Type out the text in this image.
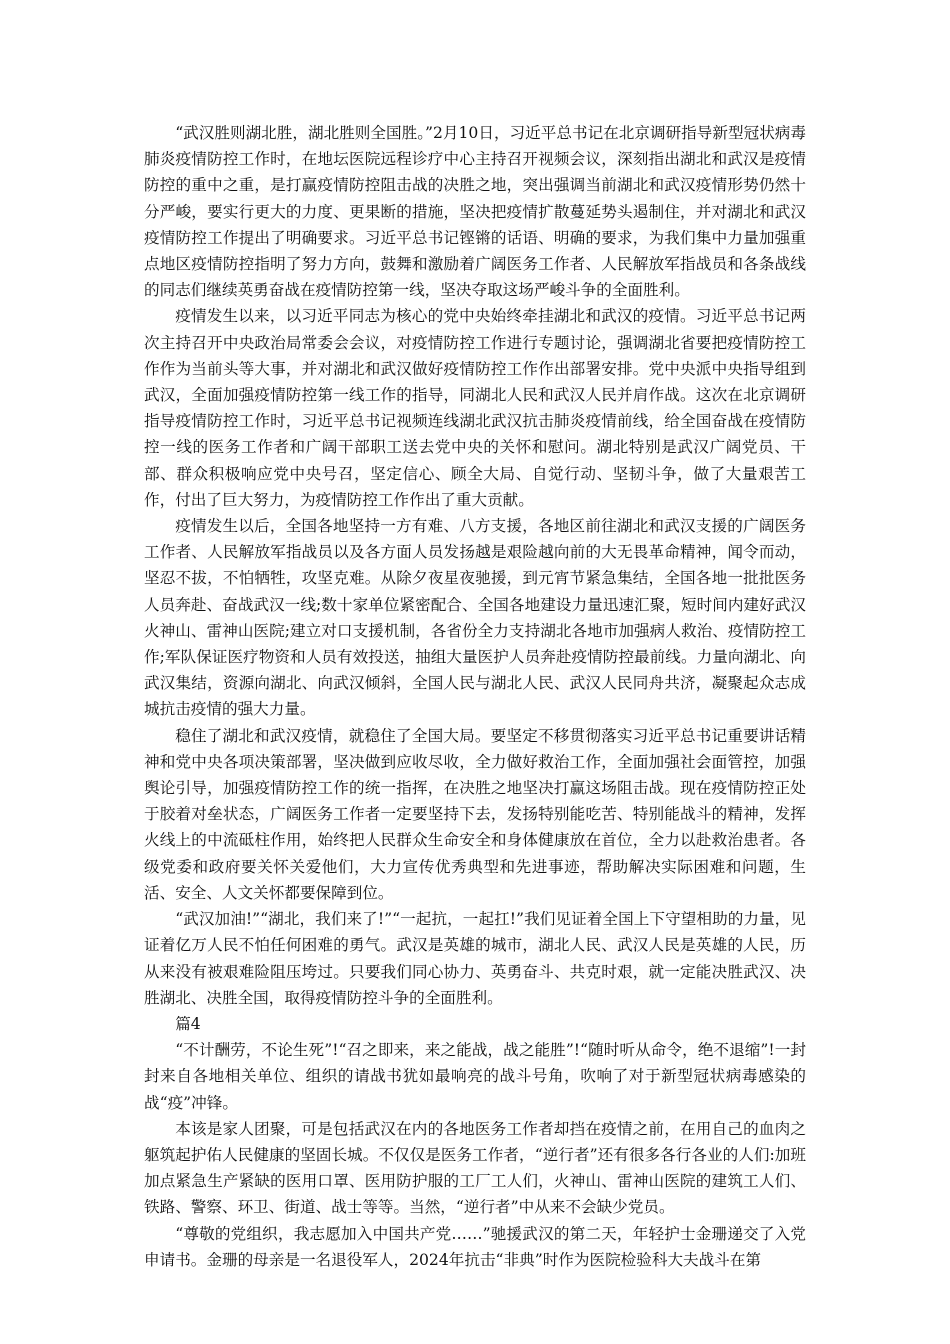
“武汉胜则湖北胜，湖北胜则全国胜。”2月10日，习近平总书记在北京调研指导新型冠状病毒肺炎疫情防控工作时，在地坛医院远程诊疗中心主持召开视频会议，深刻指出湖北和武汉是疫情防控的重中之重，是打赢疫情防控阻击战的决胜之地，突出强调当前湖北和武汉疫情形势仍然十分严峻，要实行更大的力度、更果断的措施，坚决把疫情扩散蔓延势头遏制住，并对湖北和武汉疫情防控工作提出了明确要求。习近平总书记铿锵的话语、明确的要求，为我们集中力量加强重点地区疫情防控指明了努力方向，鼓舞和激励着广阔医务工作者、人民解放军指战员和各条战线的同志们继续英勇奋战在疫情防控第一线，坚决夺取这场严峻斗争的全面胜利。

疫情发生以来，以习近平同志为核心的党中央始终牵挂湖北和武汉的疫情。习近平总书记两次主持召开中央政治局常委会会议，对疫情防控工作进行专题讨论，强调湖北省要把疫情防控工作作为当前头等大事，并对湖北和武汉做好疫情防控工作作出部署安排。党中央派中央指导组到武汉，全面加强疫情防控第一线工作的指导，同湖北人民和武汉人民并肩作战。这次在北京调研指导疫情防控工作时，习近平总书记视频连线湖北武汉抗击肺炎疫情前线，给全国奋战在疫情防控一线的医务工作者和广阔干部职工送去党中央的关怀和慰问。湖北特别是武汉广阔党员、干部、群众积极响应党中央号召，坚定信心、顾全大局、自觉行动、坚韧斗争，做了大量艰苦工作，付出了巨大努力，为疫情防控工作作出了重大贡献。

疫情发生以后，全国各地坚持一方有难、八方支援，各地区前往湖北和武汉支援的广阔医务工作者、人民解放军指战员以及各方面人员发扬越是艰险越向前的大无畏革命精神，闻令而动，坚忍不拔，不怕牺牲，攻坚克难。从除夕夜星夜驰援，到元宵节紧急集结，全国各地一批批医务人员奔赴、奋战武汉一线;数十家单位紧密配合、全国各地建设力量迅速汇聚，短时间内建好武汉火神山、雷神山医院;建立对口支援机制，各省份全力支持湖北各地市加强病人救治、疫情防控工作;军队保证医疗物资和人员有效投送，抽组大量医护人员奔赴疫情防控最前线。力量向湖北、向武汉集结，资源向湖北、向武汉倾斜，全国人民与湖北人民、武汉人民同舟共济，凝聚起众志成城抗击疫情的强大力量。

稳住了湖北和武汉疫情，就稳住了全国大局。要坚定不移贯彻落实习近平总书记重要讲话精神和党中央各项决策部署，坚决做到应收尽收，全力做好救治工作，全面加强社会面管控，加强舆论引导，加强疫情防控工作的统一指挥，在决胜之地坚决打赢这场阻击战。现在疫情防控正处于胶着对垒状态，广阔医务工作者一定要坚持下去，发扬特别能吃苦、特别能战斗的精神，发挥火线上的中流砥柱作用，始终把人民群众生命安全和身体健康放在首位，全力以赴救治患者。各级党委和政府要关怀关爱他们，大力宣传优秀典型和先进事迹，帮助解决实际困难和问题，生活、安全、人文关怀都要保障到位。

“武汉加油!”“湖北，我们来了!”“一起抗，一起扛!”我们见证着全国上下守望相助的力量，见证着亿万人民不怕任何困难的勇气。武汉是英雄的城市，湖北人民、武汉人民是英雄的人民，历从来没有被艰难险阻压垮过。只要我们同心协力、英勇奋斗、共克时艰，就一定能决胜武汉、决胜湖北、决胜全国，取得疫情防控斗争的全面胜利。

篇4

“不计酬劳，不论生死”!“召之即来，来之能战，战之能胜”!“随时听从命令，绝不退缩”!一封封来自各地相关单位、组织的请战书犹如最响亮的战斗号角，吹响了对于新型冠状病毒感染的战“疫”冲锋。

本该是家人团聚，可是包括武汉在内的各地医务工作者却挡在疫情之前，在用自己的血肉之躯筑起护佑人民健康的坚固长城。不仅仅是医务工作者，“逆行者”还有很多各行各业的人们:加班加点紧急生产紧缺的医用口罩、医用防护服的工厂工人们，火神山、雷神山医院的建筑工人们、铁路、警察、环卫、街道、战士等等。当然，“逆行者”中从来不会缺少党员。

“尊敬的党组织，我志愿加入中国共产党……”驰援武汉的第二天，年轻护士金珊递交了入党申请书。金珊的母亲是一名退役军人，2024年抗击“非典”时作为医院检验科大夫战斗在第
